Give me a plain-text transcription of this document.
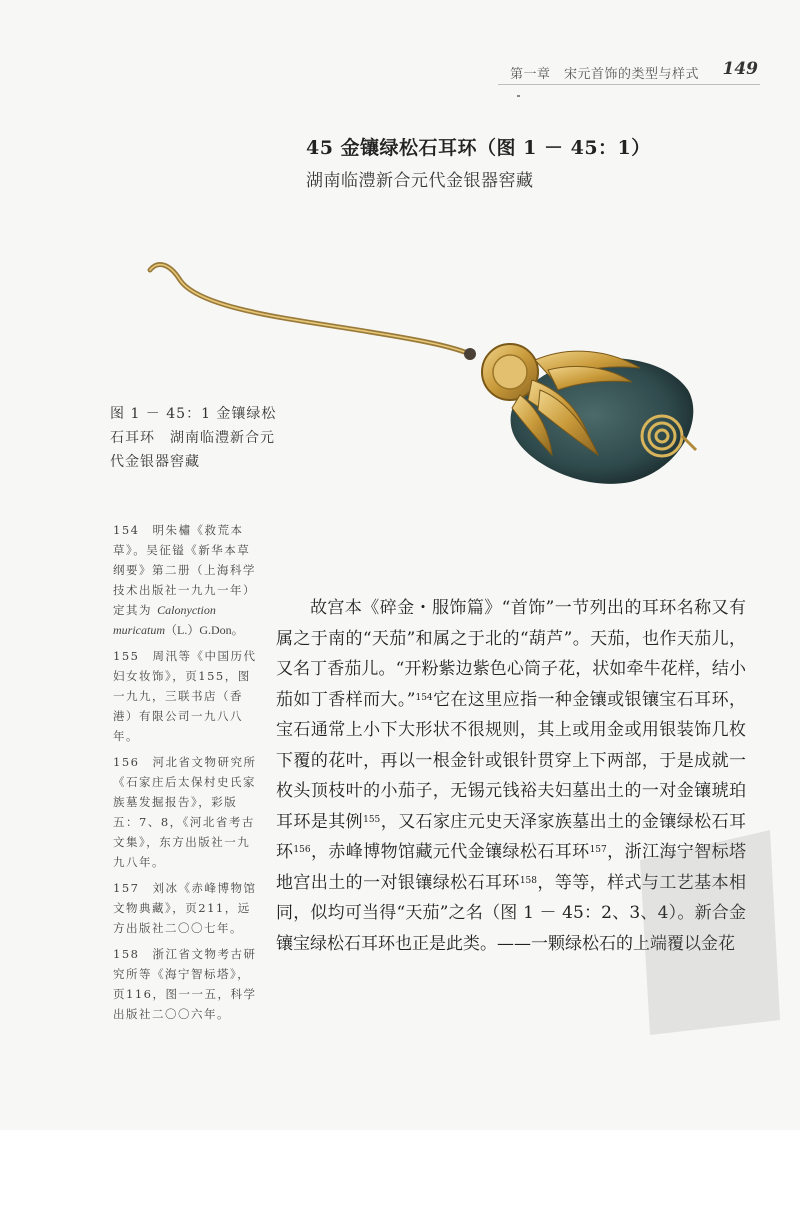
第一章　宋元首饰的类型与样式 149
45 金镶绿松石耳环（图 1 － 45：1）
湖南临澧新合元代金银器窖藏
图 1 － 45：1 金镶绿松石耳环　湖南临澧新合元代金银器窖藏
154　明朱橚《救荒本草》。吴征镒《新华本草纲要》第二册（上海科学技术出版社一九九一年）定其为 Calonyction muricatum（L.）G.Don。
155　周汛等《中国历代妇女妆饰》，页155，图一九九，三联书店（香港）有限公司一九八八年。
156　河北省文物研究所《石家庄后太保村史氏家族墓发掘报告》，彩版五：7、8，《河北省考古文集》，东方出版社一九九八年。
157　刘冰《赤峰博物馆文物典藏》，页211，远方出版社二〇〇七年。
158　浙江省文物考古研究所等《海宁智标塔》，页116，图一一五，科学出版社二〇〇六年。

故宫本《碎金・服饰篇》“首饰”一节列出的耳环名称又有属之于南的“天茄”和属之于北的“葫芦”。天茄，也作天茄儿，又名丁香茄儿。“开粉紫边紫色心筒子花，状如牵牛花样，结小茄如丁香样而大。”$^{154}$它在这里应指一种金镶或银镶宝石耳环，宝石通常上小下大形状不很规则，其上或用金或用银装饰几枚下覆的花叶，再以一根金针或银针贯穿上下两部，于是成就一枚头顶枝叶的小茄子，无锡元钱裕夫妇墓出土的一对金镶琥珀耳环是其例$^{155}$，又石家庄元史天泽家族墓出土的金镶绿松石耳环$^{156}$，赤峰博物馆藏元代金镶绿松石耳环$^{157}$，浙江海宁智标塔地宫出土的一对银镶绿松石耳环$^{158}$，等等，样式与工艺基本相同，似均可当得“天茄”之名（图 1 － 45：2、3、4）。新合金镶宝绿松石耳环也正是此类。——一颗绿松石的上端覆以金花
